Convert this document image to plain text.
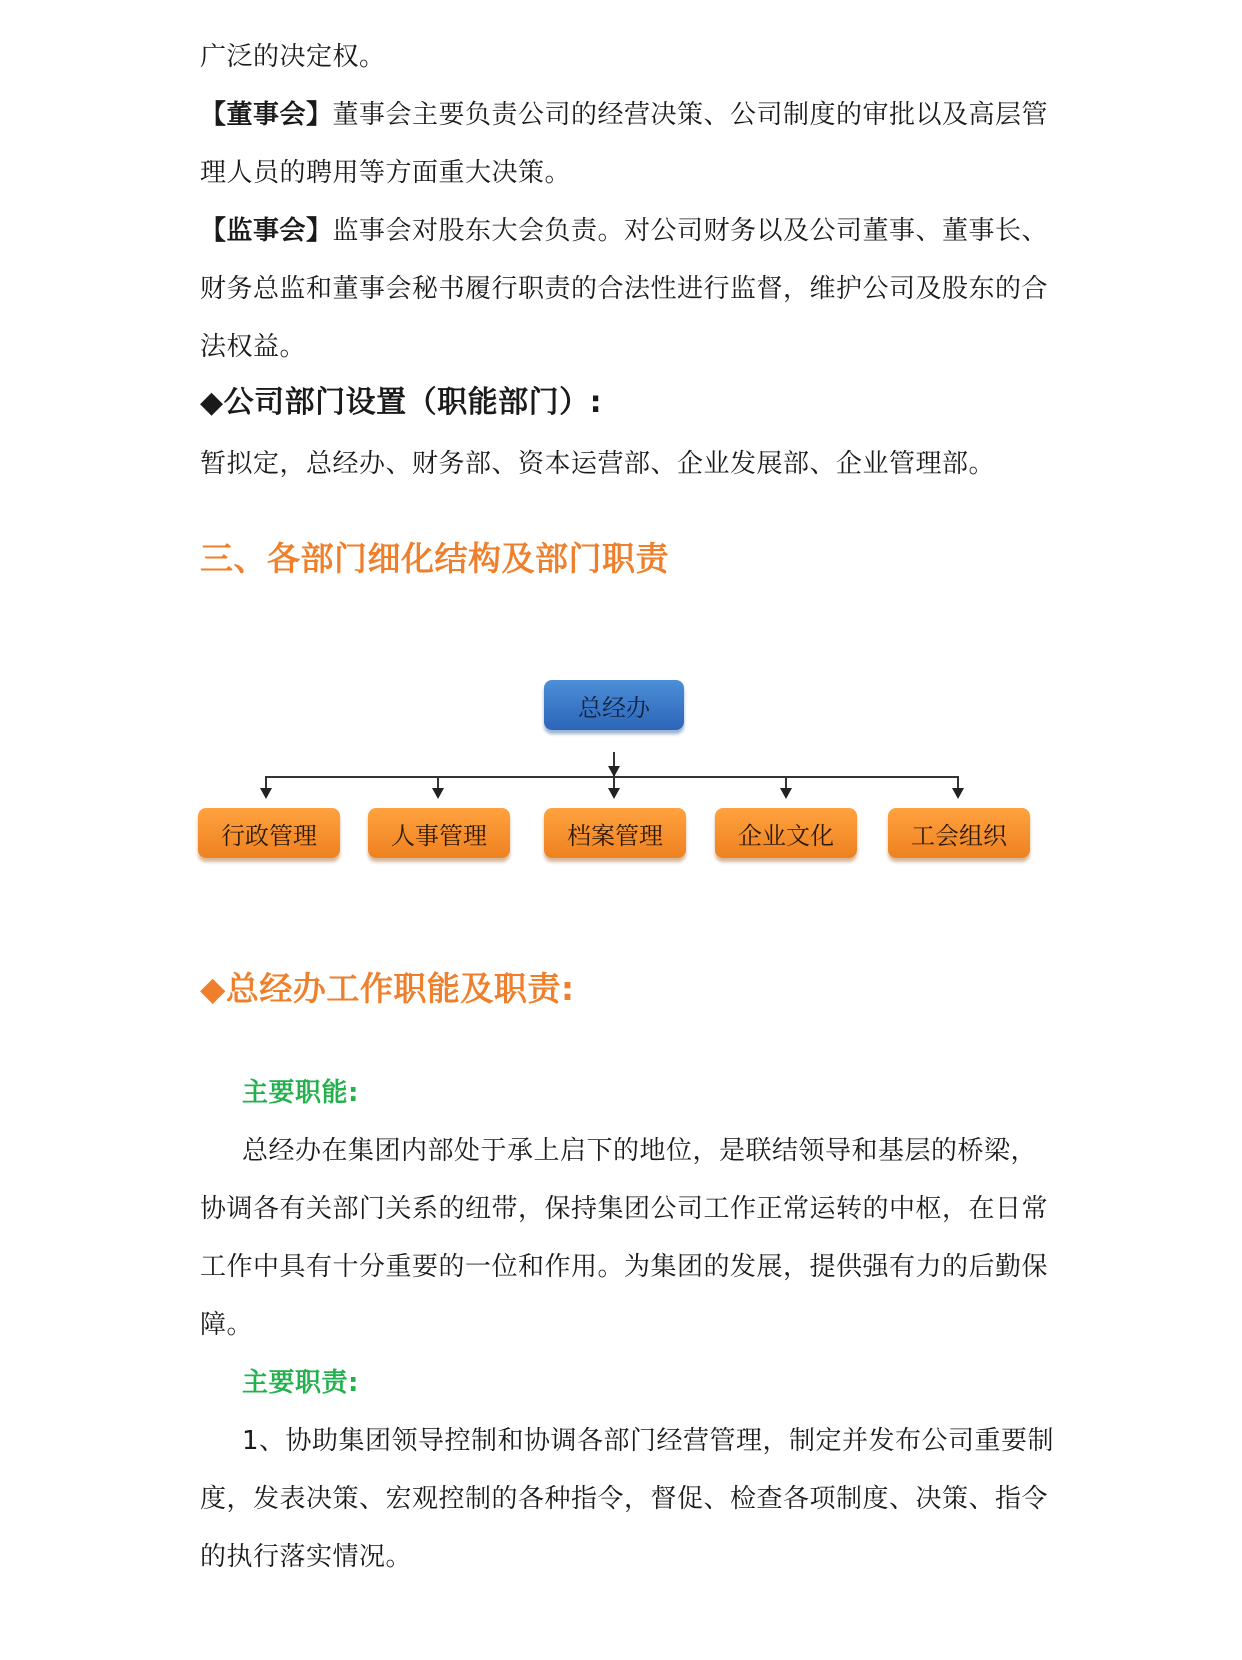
广泛的决定权。
【董事会】董事会主要负责公司的经营决策、公司制度的审批以及高层管
理人员的聘用等方面重大决策。
【监事会】监事会对股东大会负责。对公司财务以及公司董事、董事长、
财务总监和董事会秘书履行职责的合法性进行监督，维护公司及股东的合
法权益。
◆公司部门设置（职能部门）:
暂拟定，总经办、财务部、资本运营部、企业发展部、企业管理部。
三、各部门细化结构及部门职责
总经办
行政管理	人事管理	档案管理	企业文化	工会组织
◆总经办工作职能及职责:
主要职能:
总经办在集团内部处于承上启下的地位，是联结领导和基层的桥梁，
协调各有关部门关系的纽带，保持集团公司工作正常运转的中枢，在日常
工作中具有十分重要的一位和作用。为集团的发展，提供强有力的后勤保
障。
主要职责:
1、协助集团领导控制和协调各部门经营管理，制定并发布公司重要制
度，发表决策、宏观控制的各种指令，督促、检查各项制度、决策、指令
的执行落实情况。
